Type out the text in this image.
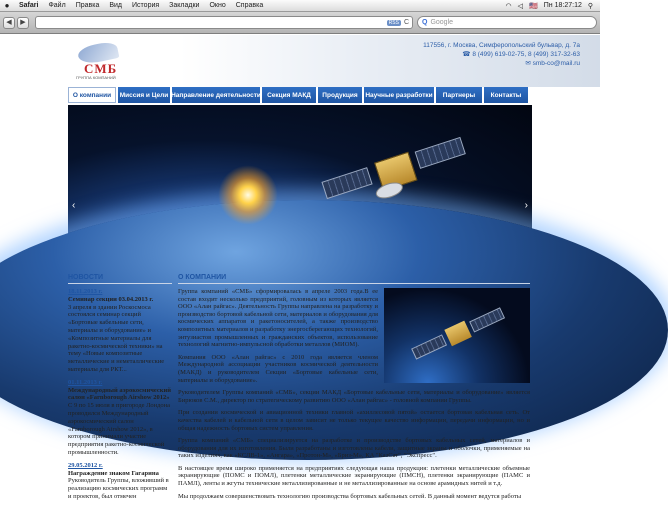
●	Safari	Файл	Правка	Вид	История	Закладки	Окно	Справка	◠ ◁ 🇺🇸 Пн 18:27:12 ⚲
◀	▶	RSS C Q Google
СМБ
ГРУППА КОМПАНИЙ
117556, г. Москва, Симферопольский бульвар, д. 7а
☎ 8 (499) 619-02-75, 8 (499) 317-32-63
✉ smb-co@mail.ru
О компании	Миссия и Цели Направление деятельности Секция МАКД	Продукция	Научные разработки	Партнеры	Контакты
‹	›
НОВОСТИ
18.11.2013 г.
Семинар секции 03.04.2013 г.
3 апреля в здании Роскосмоса состоялся семинар секций «Бортовые кабельные сети, материалы и оборудование» и «Композитные материалы для ракетно-космической техники» на тему «Новые композитные металлические и неметаллические материалы для РКТ...
01.11.2013 г.
Международный аэрокосмический салон «Farnborough Airshow 2012»
С 9 по 15 июля в пригороде Лондона проводился Международный аэрокосмический салон «Farnborough Airshow 2012», в котором принимали участие предприятия ракетно-космической промышленности.
29.05.2012 г.
Награждение знаком Гагарина
Руководитель Группы, вложивший в реализацию космических программ и проектов, был отмечен
О КОМПАНИИ

Группа компаний «СМБ» сформировалась в апреле 2003 года.В ее состав входит несколько предприятий, головным из которых является ООО «Алан райгас». Деятельность Группы направлена на разработку и производство бортовой кабельной сети, материалов и оборудования для космических аппаратов и ракетоносителей, а также производство композитных материалов и разработку энергосберегающих технологий, энтузиастов промышленных и гражданских объектов, использование технологий магнитно-импульсной обработки металлов (МИОМ).

Компания ООО «Алан райгас» с 2010 года является членом Международной ассоциации участников космической деятельности (МАКД) и руководителем Секции «Бортовые кабельные сети, материалы и оборудование».

Руководителем Группы компаний «СМБ», секции МАКД «Бортовые кабельные сети, материалы и оборудование» является Бирюков С.М., директор по стратегическому развитию ООО «Алан райгас» - головной компании Группы.

При создании космической и авиационной техники главной «ахиллесовой пятой» остается бортовая кабельная сеть. От качества кабелей и кабельной сети в целом зависит не только текущее качество информации, передачи информации, но и общая надежность бортовых систем управления.

Группа компаний «СМБ» специализируется на разработке и производстве бортовых кабельных сетей, материалов и оборудования для их изготовления. Были разработаны и изготовлены кабели, защитные экраны и оболочки, применяемые на таких изделиях, как «КСЛВ-1», «Ангара», «Протон-М», «Бриз-М», КА "КазСат", "Экспресс".

В настоящее время широко применяется на предприятиях следующая наша продукция: плетенки металлические объемные экранирующие (ПОМС и ПОМЛ), плетенки металлические экранирующие (ПМСН), плетенки экранирующие (ПАМС и ПАМЛ), ленты и жгуты технические металлизированные и не металлизированные на основе арамидных нитей и т.д.

Мы продолжаем совершенствовать технологию производства бортовых кабельных сетей. В данный момент ведутся работы
